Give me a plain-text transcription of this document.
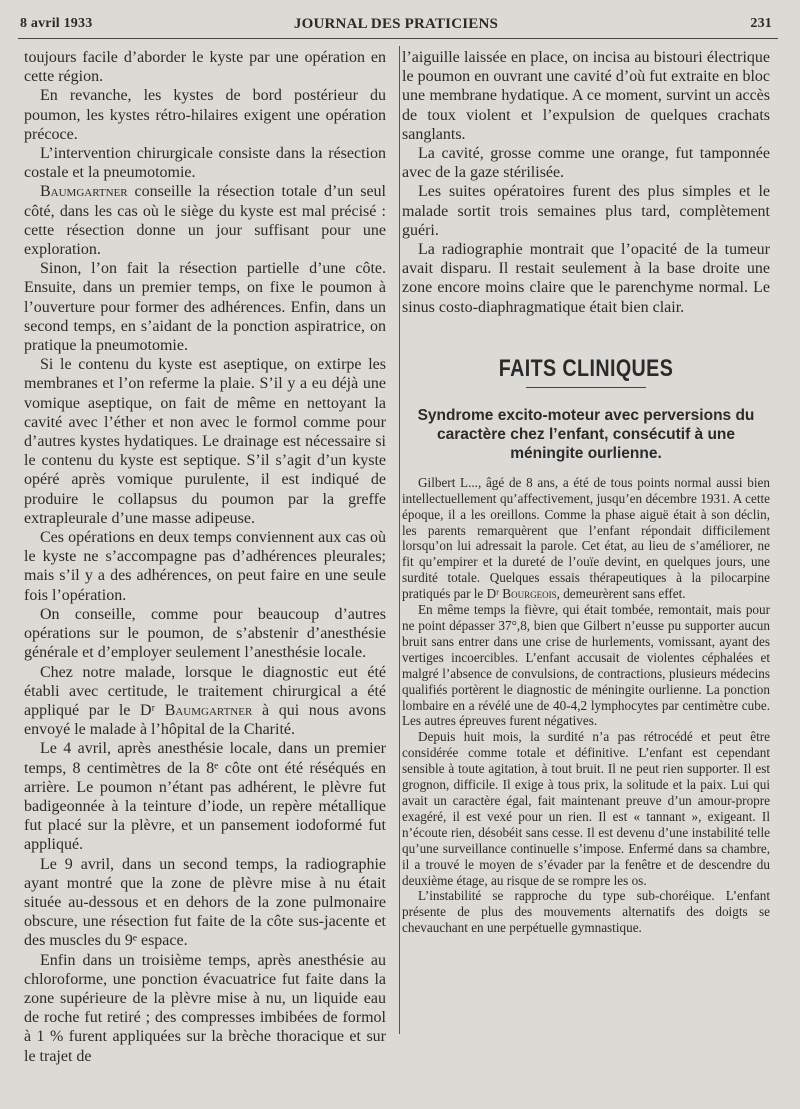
8 avril 1933	JOURNAL DES PRATICIENS	231

toujours facile d’aborder le kyste par une opération en cette région.

En revanche, les kystes de bord postérieur du poumon, les kystes rétro-hilaires exigent une opération précoce.

L’intervention chirurgicale consiste dans la résection costale et la pneumotomie.

Baumgartner conseille la résection totale d’un seul côté, dans les cas où le siège du kyste est mal précisé : cette résection donne un jour suffisant pour une exploration.

Sinon, l’on fait la résection partielle d’une côte. Ensuite, dans un premier temps, on fixe le poumon à l’ouverture pour former des adhérences. Enfin, dans un second temps, en s’aidant de la ponction aspiratrice, on pratique la pneumotomie.

Si le contenu du kyste est aseptique, on extirpe les membranes et l’on referme la plaie. S’il y a eu déjà une vomique aseptique, on fait de même en nettoyant la cavité avec l’éther et non avec le formol comme pour d’autres kystes hydatiques. Le drainage est nécessaire si le contenu du kyste est septique. S’il s’agit d’un kyste opéré après vomique purulente, il est indiqué de produire le collapsus du poumon par la greffe extrapleurale d’une masse adipeuse.

Ces opérations en deux temps conviennent aux cas où le kyste ne s’accompagne pas d’adhérences pleurales; mais s’il y a des adhérences, on peut faire en une seule fois l’opération.

On conseille, comme pour beaucoup d’autres opérations sur le poumon, de s’abstenir d’anesthésie générale et d’employer seulement l’anesthésie locale.

Chez notre malade, lorsque le diagnostic eut été établi avec certitude, le traitement chirurgical a été appliqué par le Dʳ Baumgartner à qui nous avons envoyé le malade à l’hôpital de la Charité.

Le 4 avril, après anesthésie locale, dans un premier temps, 8 centimètres de la 8ᵉ côte ont été réséqués en arrière. Le poumon n’étant pas adhérent, le plèvre fut badigeonnée à la teinture d’iode, un repère métallique fut placé sur la plèvre, et un pansement iodoformé fut appliqué.

Le 9 avril, dans un second temps, la radiographie ayant montré que la zone de plèvre mise à nu était située au-dessous et en dehors de la zone pulmonaire obscure, une résection fut faite de la côte sus-jacente et des muscles du 9ᵉ espace.

Enfin dans un troisième temps, après anesthésie au chloroforme, une ponction évacuatrice fut faite dans la zone supérieure de la plèvre mise à nu, un liquide eau de roche fut retiré ; des compresses imbibées de formol à 1 % furent appliquées sur la brèche thoracique et sur le trajet de

l’aiguille laissée en place, on incisa au bistouri électrique le poumon en ouvrant une cavité d’où fut extraite en bloc une membrane hydatique. A ce moment, survint un accès de toux violent et l’expulsion de quelques crachats sanglants.

La cavité, grosse comme une orange, fut tamponnée avec de la gaze stérilisée.

Les suites opératoires furent des plus simples et le malade sortit trois semaines plus tard, complètement guéri.

La radiographie montrait que l’opacité de la tumeur avait disparu. Il restait seulement à la base droite une zone encore moins claire que le parenchyme normal. Le sinus costo-diaphragmatique était bien clair.

FAITS CLINIQUES
Syndrome excito-moteur avec perversions du caractère chez l’enfant, consécutif à une méningite ourlienne.

Gilbert L..., âgé de 8 ans, a été de tous points normal aussi bien intellectuellement qu’affectivement, jusqu’en décembre 1931. A cette époque, il a les oreillons. Comme la phase aiguë était à son déclin, les parents remarquèrent que l’enfant répondait difficilement lorsqu’on lui adressait la parole. Cet état, au lieu de s’améliorer, ne fit qu’empirer et la dureté de l’ouïe devint, en quelques jours, une surdité totale. Quelques essais thérapeutiques à la pilocarpine pratiqués par le Dʳ Bourgeois, demeurèrent sans effet.

En même temps la fièvre, qui était tombée, remontait, mais pour ne point dépasser 37°,8, bien que Gilbert n’eusse pu supporter aucun bruit sans entrer dans une crise de hurlements, vomissant, ayant des vertiges incoercibles. L’enfant accusait de violentes céphalées et malgré l’absence de convulsions, de contractions, plusieurs médecins qualifiés portèrent le diagnostic de méningite ourlienne. La ponction lombaire en a révélé une de 40-4,2 lymphocytes par centimètre cube. Les autres épreuves furent négatives.

Depuis huit mois, la surdité n’a pas rétrocédé et peut être considérée comme totale et définitive. L’enfant est cependant sensible à toute agitation, à tout bruit. Il ne peut rien supporter. Il est grognon, difficile. Il exige à tous prix, la solitude et la paix. Lui qui avait un caractère égal, fait maintenant preuve d’un amour-propre exagéré, il est vexé pour un rien. Il est « tannant », exigeant. Il n’écoute rien, désobéit sans cesse. Il est devenu d’une instabilité telle qu’une surveillance continuelle s’impose. Enfermé dans sa chambre, il a trouvé le moyen de s’évader par la fenêtre et de descendre du deuxième étage, au risque de se rompre les os.

L’instabilité se rapproche du type sub-choréique. L’enfant présente de plus des mouvements alternatifs des doigts se chevauchant en une perpétuelle gymnastique.
